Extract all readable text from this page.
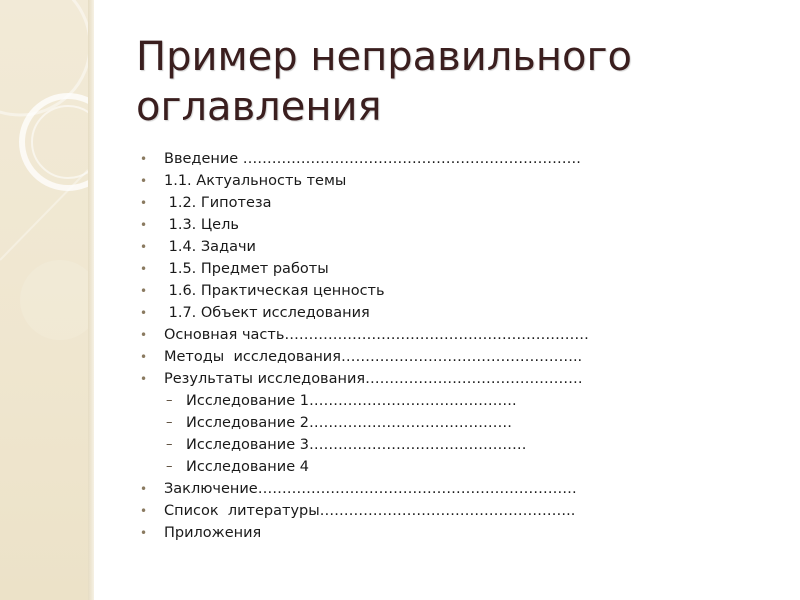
Пример неправильного оглавления
• Введение …………………………………………………………….
• 1.1. Актуальность темы
•  1.2. Гипотеза
•  1.3. Цель
•  1.4. Задачи
•  1.5. Предмет работы
•  1.6. Практическая ценность
•  1.7. Объект исследования
• Основная часть………………………………………………………
• Методы  исследования…………………………………………..
• Результаты исследования………………………………………
– Исследование 1…………………………………….
– Исследование 2……………………………………
– Исследование 3………………………………………
– Исследование 4
• Заключение…………………………………………………………
• Список  литературы……………………………………………..
• Приложения
